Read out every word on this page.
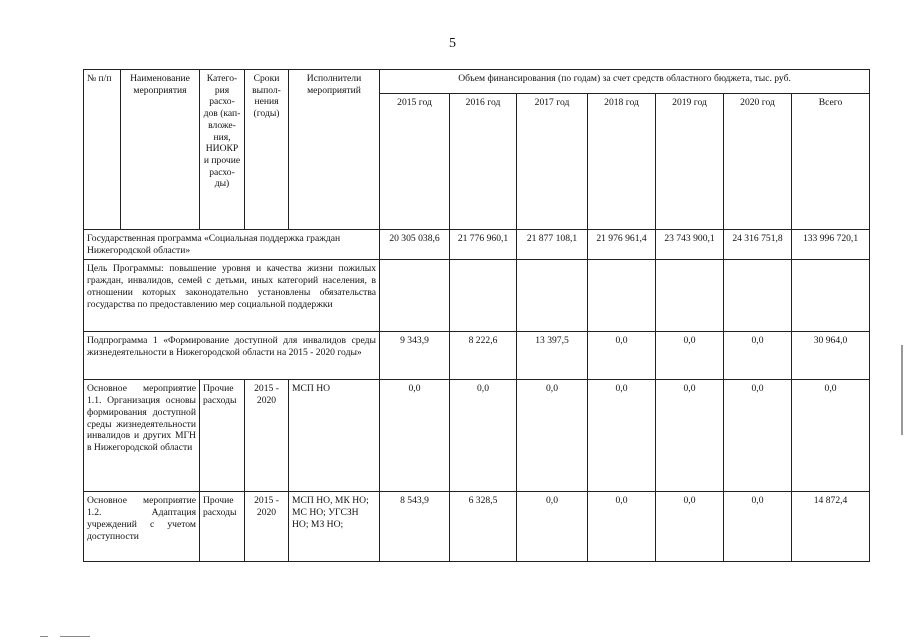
5
№ п/п	Наименование мероприятия	Катего-рия расхо-дов (кап-вложе-ния, НИОКР и прочие расхо-ды)	Сроки выпол-нения (годы)	Исполнители мероприятий	Объем финансирования (по годам) за счет средств областного бюджета, тыс. руб.						
					2015 год	2016 год	2017 год	2018 год	2019 год	2020 год	Всего
Государственная программа «Социальная поддержка граждан Нижегородской области»					20 305 038,6	21 776 960,1	21 877 108,1	21 976 961,4	23 743 900,1	24 316 751,8	133 996 720,1
Цель Программы: повышение уровня и качества жизни пожилых граждан, инвалидов, семей с детьми, иных категорий населения, в отношении которых законодательно установлены обязательства государства по предоставлению мер социальной поддержки											
Подпрограмма 1 «Формирование доступной для инвалидов среды жизнедеятельности в Нижегородской области на 2015 - 2020 годы»					9 343,9	8 222,6	13 397,5	0,0	0,0	0,0	30 964,0
Основное мероприятие 1.1. Организация основы формирования доступной среды жизнедеятельности инвалидов и других МГН в Нижегородской области		Прочие расходы	2015 - 2020	МСП НО	0,0	0,0	0,0	0,0	0,0	0,0	0,0
Основное мероприятие 1.2. Адаптация учреждений с учетом доступности		Прочие расходы	2015 - 2020	МСП НО, МК НО; МС НО; УГСЗН НО; МЗ НО;	8 543,9	6 328,5	0,0	0,0	0,0	0,0	14 872,4
